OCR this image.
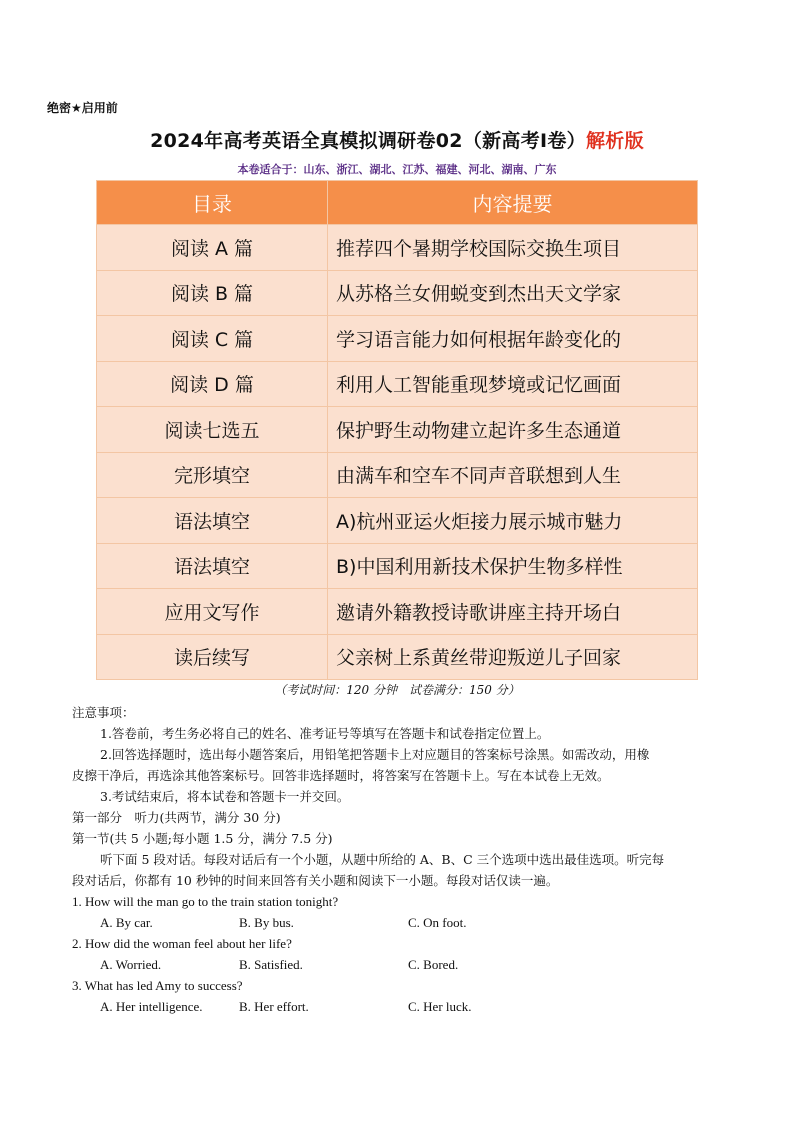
绝密★启用前
2024年高考英语全真模拟调研卷02（新高考I卷）解析版
本卷适合于：山东、浙江、湖北、江苏、福建、河北、湖南、广东
目录	内容提要
阅读 A 篇	推荐四个暑期学校国际交换生项目
阅读 B 篇	从苏格兰女佣蜕变到杰出天文学家
阅读 C 篇	学习语言能力如何根据年龄变化的
阅读 D 篇	利用人工智能重现梦境或记忆画面
阅读七选五	保护野生动物建立起许多生态通道
完形填空	由满车和空车不同声音联想到人生
语法填空	A)杭州亚运火炬接力展示城市魅力
语法填空	B)中国利用新技术保护生物多样性
应用文写作	邀请外籍教授诗歌讲座主持开场白
读后续写	父亲树上系黄丝带迎叛逆儿子回家
（考试时间：120 分钟　试卷满分：150 分）

注意事项：

1.答卷前，考生务必将自己的姓名、准考证号等填写在答题卡和试卷指定位置上。

2.回答选择题时，选出每小题答案后，用铅笔把答题卡上对应题目的答案标号涂黑。如需改动，用橡

皮擦干净后，再选涂其他答案标号。回答非选择题时，将答案写在答题卡上。写在本试卷上无效。

3.考试结束后，将本试卷和答题卡一并交回。

第一部分　听力(共两节，满分 30 分)

第一节(共 5 小题;每小题 1.5 分，满分 7.5 分)

听下面 5 段对话。每段对话后有一个小题，从题中所给的 A、B、C 三个选项中选出最佳选项。听完每

段对话后，你都有 10 秒钟的时间来回答有关小题和阅读下一小题。每段对话仅读一遍。

1. How will the man go to the train station tonight?

A. By car.	B. By bus.	C. On foot.

2. How did the woman feel about her life?

A. Worried.	B. Satisfied.	C. Bored.

3. What has led Amy to success?

A. Her intelligence.	B. Her effort.	C. Her luck.
